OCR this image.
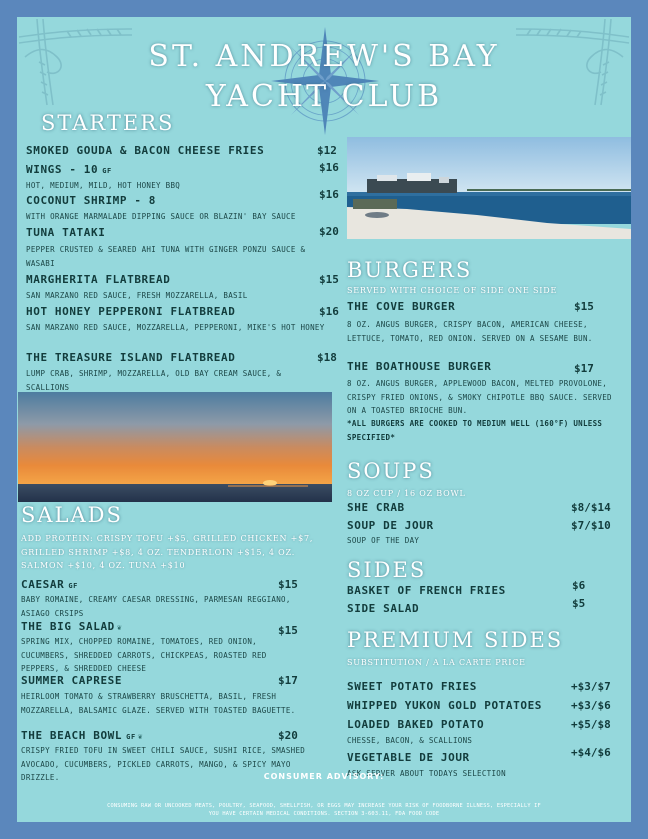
ST. ANDREW'S BAY
YACHT CLUB
STARTERS
SMOKED GOUDA & BACON CHEESE FRIES	$12
WINGS - 10 GF	$16
HOT, MEDIUM, MILD, HOT HONEY BBQ
COCONUT SHRIMP - 8	$16
WITH ORANGE MARMALADE DIPPING SAUCE OR BLAZIN' BAY SAUCE
TUNA TATAKI	$20
PEPPER CRUSTED & SEARED AHI TUNA WITH GINGER PONZU SAUCE & WASABI
MARGHERITA FLATBREAD	$15
SAN MARZANO RED SAUCE, FRESH MOZZARELLA, BASIL
HOT HONEY PEPPERONI FLATBREAD	$16
SAN MARZANO RED SAUCE, MOZZARELLA, PEPPERONI, MIKE'S HOT HONEY
THE TREASURE ISLAND FLATBREAD	$18
LUMP CRAB, SHRIMP, MOZZARELLA, OLD BAY CREAM SAUCE, & SCALLIONS
SALADS
ADD PROTEIN: CRISPY TOFU +$5, GRILLED CHICKEN +$7, GRILLED SHRIMP +$8, 4 OZ. TENDERLOIN +$15, 4 OZ. SALMON +$10, 4 OZ. TUNA +$10
CAESAR GF	$15
BABY ROMAINE, CREAMY CAESAR DRESSING, PARMESAN REGGIANO, ASIAGO CRSIPS
THE BIG SALAD ❦	$15
SPRING MIX, CHOPPED ROMAINE, TOMATOES, RED ONION, CUCUMBERS, SHREDDED CARROTS, CHICKPEAS, ROASTED RED PEPPERS, & SHREDDED CHEESE
SUMMER CAPRESE	$17
HEIRLOOM TOMATO & STRAWBERRY BRUSCHETTA, BASIL, FRESH MOZZARELLA, BALSAMIC GLAZE. SERVED WITH TOASTED BAGUETTE.
THE BEACH BOWL GF ❦	$20
CRISPY FRIED TOFU IN SWEET CHILI SAUCE, SUSHI RICE, SMASHED AVOCADO, CUCUMBERS, PICKLED CARROTS, MANGO, & SPICY MAYO DRIZZLE.
BURGERS
SERVED WITH CHOICE OF SIDE ONE SIDE
THE COVE BURGER	$15
8 OZ. ANGUS BURGER, CRISPY BACON, AMERICAN CHEESE, LETTUCE, TOMATO, RED ONION. SERVED ON A SESAME BUN.
THE BOATHOUSE BURGER	$17
8 OZ. ANGUS BURGER, APPLEWOOD BACON, MELTED PROVOLONE, CRISPY FRIED ONIONS, & SMOKY CHIPOTLE BBQ SAUCE. SERVED ON A TOASTED BRIOCHE BUN.
*ALL BURGERS ARE COOKED TO MEDIUM WELL (160°F) UNLESS SPECIFIED*
SOUPS
8 OZ CUP / 16 OZ BOWL
SHE CRAB	$8/$14
SOUP DE JOUR	$7/$10
SOUP OF THE DAY
SIDES
BASKET OF FRENCH FRIES	$6
SIDE SALAD	$5
PREMIUM SIDES
SUBSTITUTION / A LA CARTE PRICE
SWEET POTATO FRIES	+$3/$7
WHIPPED YUKON GOLD POTATOES	+$3/$6
LOADED BAKED POTATO	+$5/$8
CHESSE, BACON, & SCALLIONS
VEGETABLE DE JOUR	+$4/$6
ASK SERVER ABOUT TODAYS SELECTION
CONSUMER ADVISORY:
CONSUMING RAW OR UNCOOKED MEATS, POULTRY, SEAFOOD, SHELLFISH, OR EGGS MAY INCREASE YOUR RISK OF FOODBORNE ILLNESS, ESPECIALLY IF YOU HAVE CERTAIN MEDICAL CONDITIONS. SECTION 3-603.11, FDA FOOD CODE
